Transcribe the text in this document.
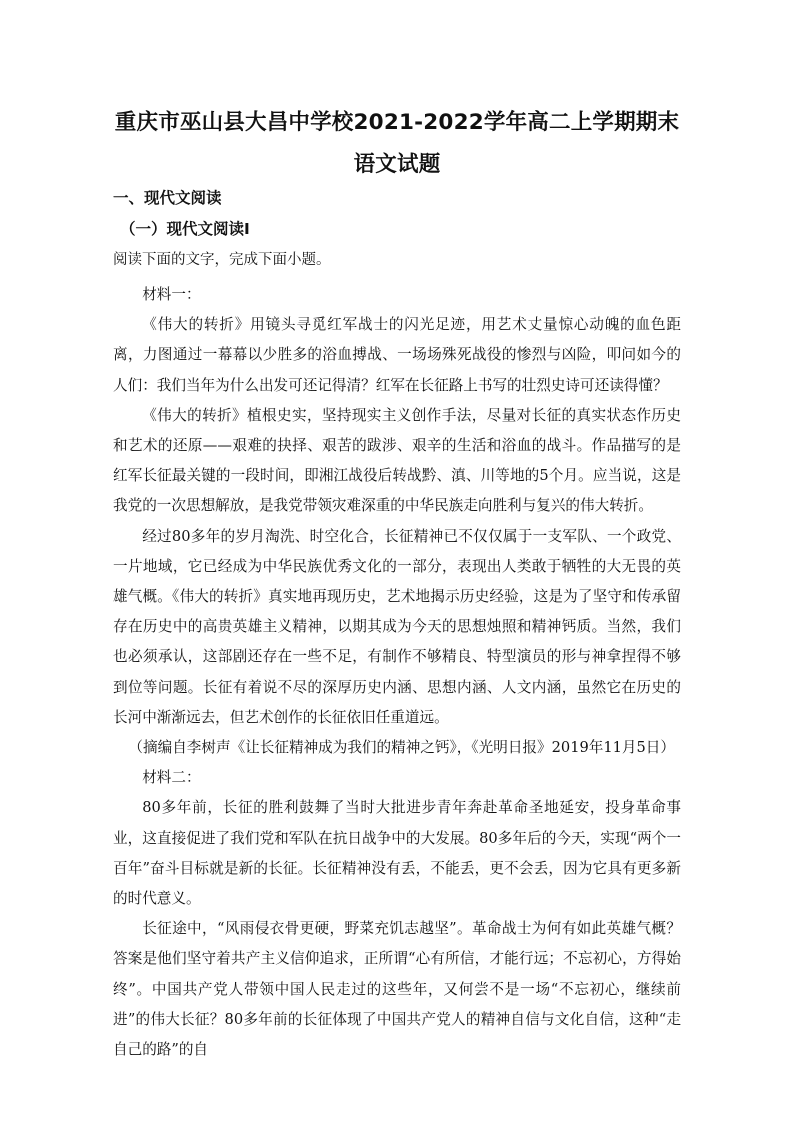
重庆市巫山县大昌中学校2021-2022学年高二上学期期末
语文试题
一、现代文阅读
（一）现代文阅读Ⅰ

阅读下面的文字，完成下面小题。

材料一：

《伟大的转折》用镜头寻觅红军战士的闪光足迹，用艺术丈量惊心动魄的血色距离，力图通过一幕幕以少胜多的浴血搏战、一场场殊死战役的惨烈与凶险，叩问如今的人们：我们当年为什么出发可还记得清？红军在长征路上书写的壮烈史诗可还读得懂？

《伟大的转折》植根史实，坚持现实主义创作手法，尽量对长征的真实状态作历史和艺术的还原——艰难的抉择、艰苦的跋涉、艰辛的生活和浴血的战斗。作品描写的是红军长征最关键的一段时间，即湘江战役后转战黔、滇、川等地的5个月。应当说，这是我党的一次思想解放，是我党带领灾难深重的中华民族走向胜利与复兴的伟大转折。

经过80多年的岁月淘洗、时空化合，长征精神已不仅仅属于一支军队、一个政党、一片地域，它已经成为中华民族优秀文化的一部分，表现出人类敢于牺牲的大无畏的英雄气概。《伟大的转折》真实地再现历史，艺术地揭示历史经验，这是为了坚守和传承留存在历史中的高贵英雄主义精神，以期其成为今天的思想烛照和精神钙质。当然，我们也必须承认，这部剧还存在一些不足，有制作不够精良、特型演员的形与神拿捏得不够到位等问题。长征有着说不尽的深厚历史内涵、思想内涵、人文内涵，虽然它在历史的长河中渐渐远去，但艺术创作的长征依旧任重道远。

（摘编自李树声《让长征精神成为我们的精神之钙》，《光明日报》2019年11月5日）

材料二：

80多年前，长征的胜利鼓舞了当时大批进步青年奔赴革命圣地延安，投身革命事业，这直接促进了我们党和军队在抗日战争中的大发展。80多年后的今天，实现“两个一百年”奋斗目标就是新的长征。长征精神没有丢，不能丢，更不会丢，因为它具有更多新的时代意义。

长征途中，“风雨侵衣骨更硬，野菜充饥志越坚”。革命战士为何有如此英雄气概？答案是他们坚守着共产主义信仰追求，正所谓“心有所信，才能行远；不忘初心，方得始终”。中国共产党人带领中国人民走过的这些年，又何尝不是一场“不忘初心，继续前进”的伟大长征？80多年前的长征体现了中国共产党人的精神自信与文化自信，这种“走自己的路”的自
